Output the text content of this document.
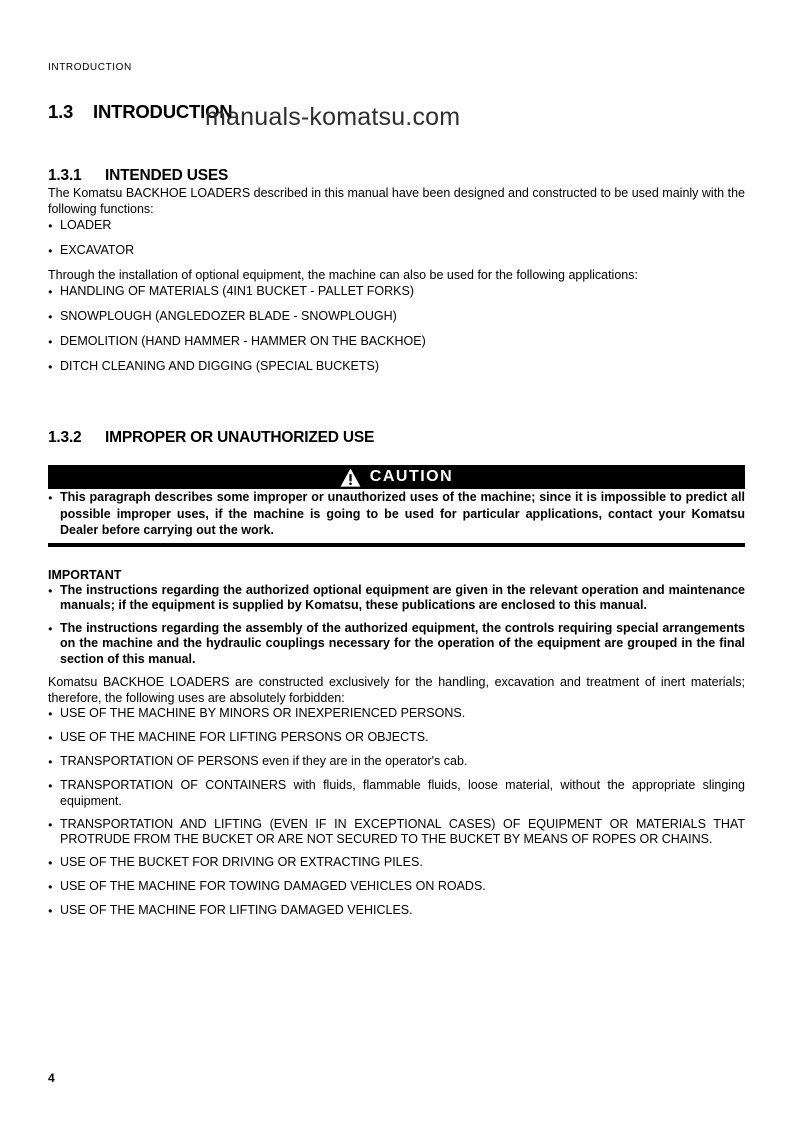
INTRODUCTION
manuals-komatsu.com
1.3	INTRODUCTION
1.3.1	INTENDED USES

The Komatsu BACKHOE LOADERS described in this manual have been designed and constructed to be used mainly with the following functions:

●
LOADER
●
EXCAVATOR

Through the installation of optional equipment, the machine can also be used for the following applications:

●
HANDLING OF MATERIALS (4IN1 BUCKET - PALLET FORKS)
●
SNOWPLOUGH (ANGLEDOZER BLADE - SNOWPLOUGH)
●
DEMOLITION (HAND HAMMER - HAMMER ON THE BACKHOE)
●
DITCH CLEANING AND DIGGING (SPECIAL BUCKETS)
1.3.2	IMPROPER OR UNAUTHORIZED USE
CAUTION
●
This paragraph describes some improper or unauthorized uses of the machine; since it is impossible to predict all possible improper uses, if the machine is going to be used for particular applications, contact your Komatsu Dealer before carrying out the work.
IMPORTANT
●
The instructions regarding the authorized optional equipment are given in the relevant operation and maintenance manuals; if the equipment is supplied by Komatsu, these publications are enclosed to this manual.
●
The instructions regarding the assembly of the authorized equipment, the controls requiring special arrangements on the machine and the hydraulic couplings necessary for the operation of the equipment are grouped in the final section of this manual.

Komatsu BACKHOE LOADERS are constructed exclusively for the handling, excavation and treatment of inert materials; therefore, the following uses are absolutely forbidden:

●
USE OF THE MACHINE BY MINORS OR INEXPERIENCED PERSONS.
●
USE OF THE MACHINE FOR LIFTING PERSONS OR OBJECTS.
●
TRANSPORTATION OF PERSONS even if they are in the operator's cab.
●
TRANSPORTATION OF CONTAINERS with fluids, flammable fluids, loose material, without the appropriate slinging equipment.
●
TRANSPORTATION AND LIFTING (EVEN IF IN EXCEPTIONAL CASES) OF EQUIPMENT OR MATERIALS THAT PROTRUDE FROM THE BUCKET OR ARE NOT SECURED TO THE BUCKET BY MEANS OF ROPES OR CHAINS.
●
USE OF THE BUCKET FOR DRIVING OR EXTRACTING PILES.
●
USE OF THE MACHINE FOR TOWING DAMAGED VEHICLES ON ROADS.
●
USE OF THE MACHINE FOR LIFTING DAMAGED VEHICLES.
4
